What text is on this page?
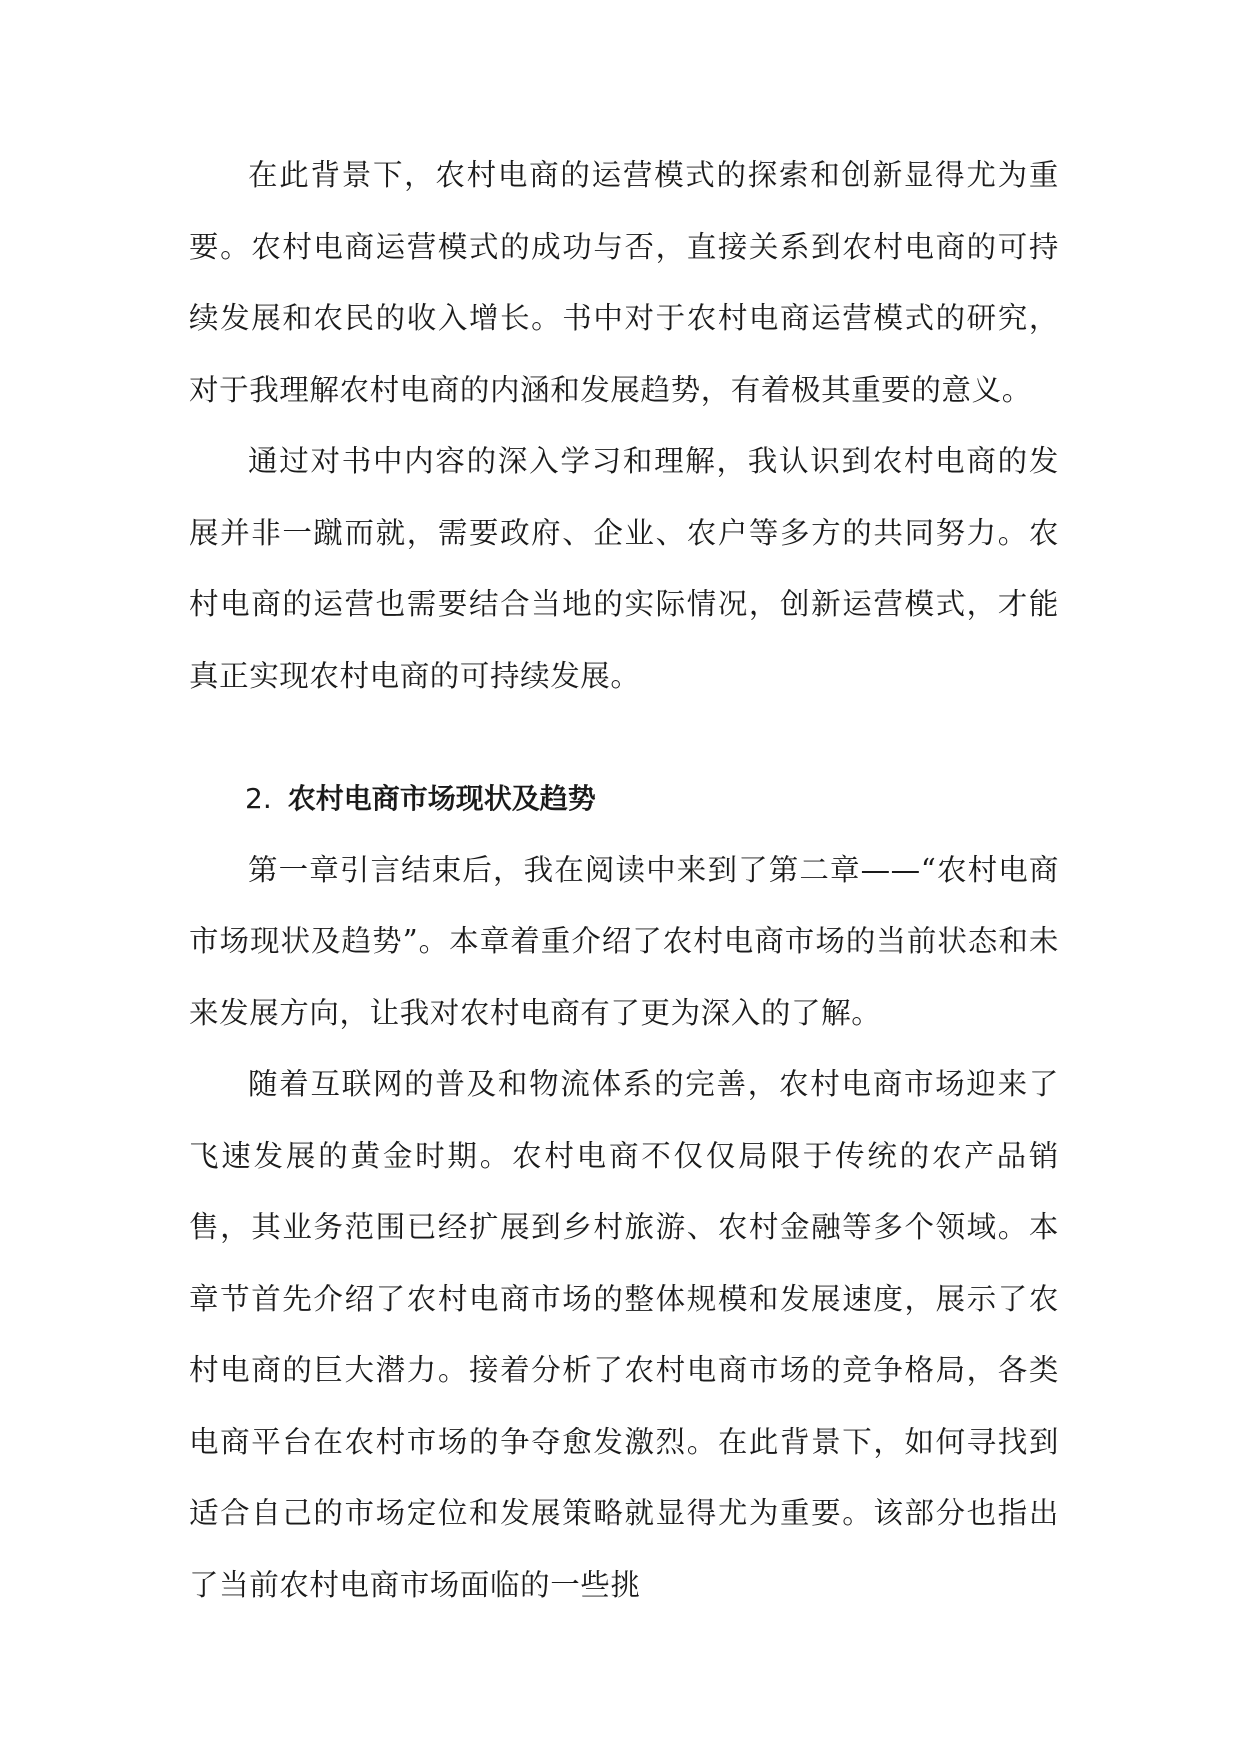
在此背景下，农村电商的运营模式的探索和创新显得尤为重要。农村电商运营模式的成功与否，直接关系到农村电商的可持续发展和农民的收入增长。书中对于农村电商运营模式的研究，对于我理解农村电商的内涵和发展趋势，有着极其重要的意义。

通过对书中内容的深入学习和理解，我认识到农村电商的发展并非一蹴而就，需要政府、企业、农户等多方的共同努力。农村电商的运营也需要结合当地的实际情况，创新运营模式，才能真正实现农村电商的可持续发展。

2. 农村电商市场现状及趋势

第一章引言结束后，我在阅读中来到了第二章——“农村电商市场现状及趋势”。本章着重介绍了农村电商市场的当前状态和未来发展方向，让我对农村电商有了更为深入的了解。

随着互联网的普及和物流体系的完善，农村电商市场迎来了飞速发展的黄金时期。农村电商不仅仅局限于传统的农产品销售，其业务范围已经扩展到乡村旅游、农村金融等多个领域。本章节首先介绍了农村电商市场的整体规模和发展速度，展示了农村电商的巨大潜力。接着分析了农村电商市场的竞争格局，各类电商平台在农村市场的争夺愈发激烈。在此背景下，如何寻找到适合自己的市场定位和发展策略就显得尤为重要。该部分也指出了当前农村电商市场面临的一些挑
